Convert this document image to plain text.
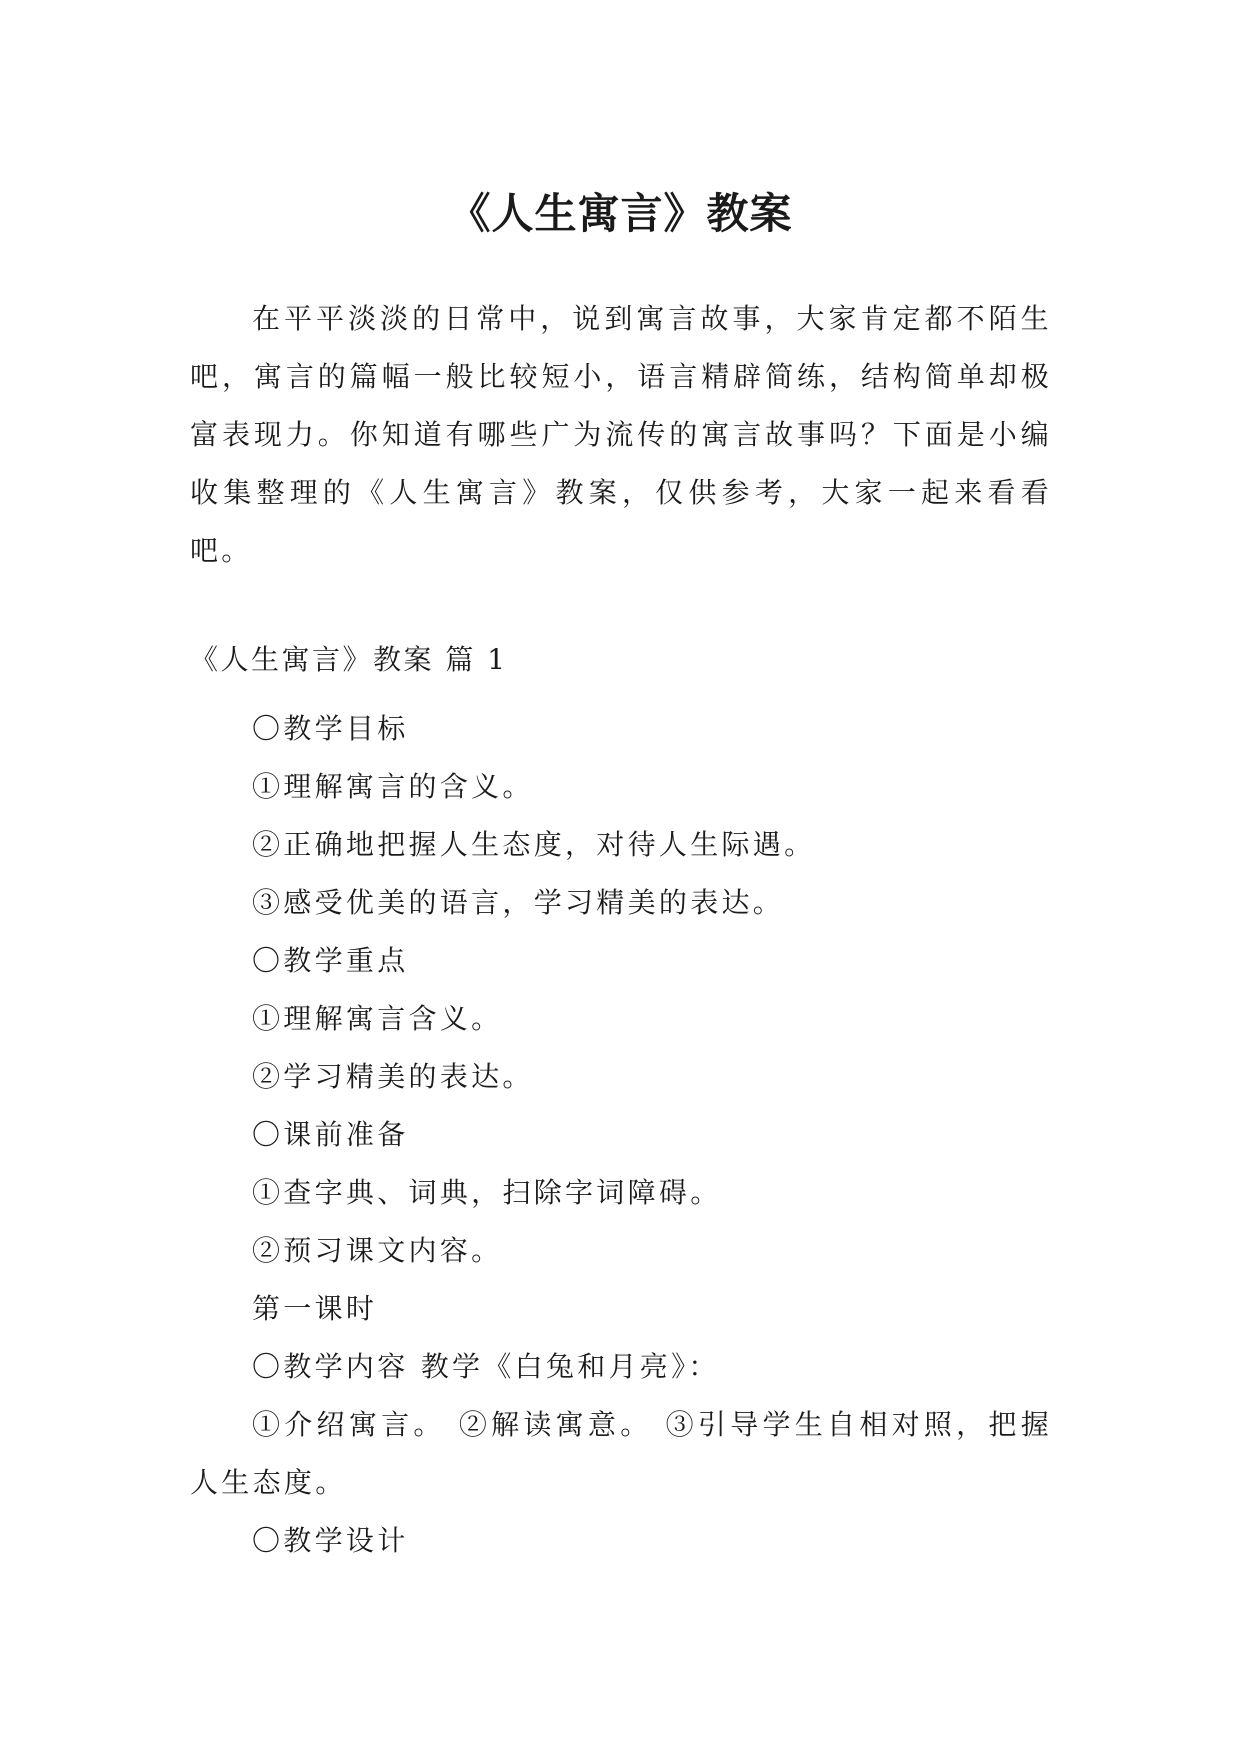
《人生寓言》教案

在平平淡淡的日常中，说到寓言故事，大家肯定都不陌生吧，寓言的篇幅一般比较短小，语言精辟简练，结构简单却极富表现力。你知道有哪些广为流传的寓言故事吗？下面是小编收集整理的《人生寓言》教案，仅供参考，大家一起来看看吧。

《人生寓言》教案 篇 1

〇教学目标
①理解寓言的含义。
②正确地把握人生态度，对待人生际遇。
③感受优美的语言，学习精美的表达。
〇教学重点
①理解寓言含义。
②学习精美的表达。
〇课前准备
①查字典、词典，扫除字词障碍。
②预习课文内容。
第一课时
〇教学内容 教学《白兔和月亮》：
①介绍寓言。 ②解读寓意。 ③引导学生自相对照，把握人生态度。
〇教学设计
